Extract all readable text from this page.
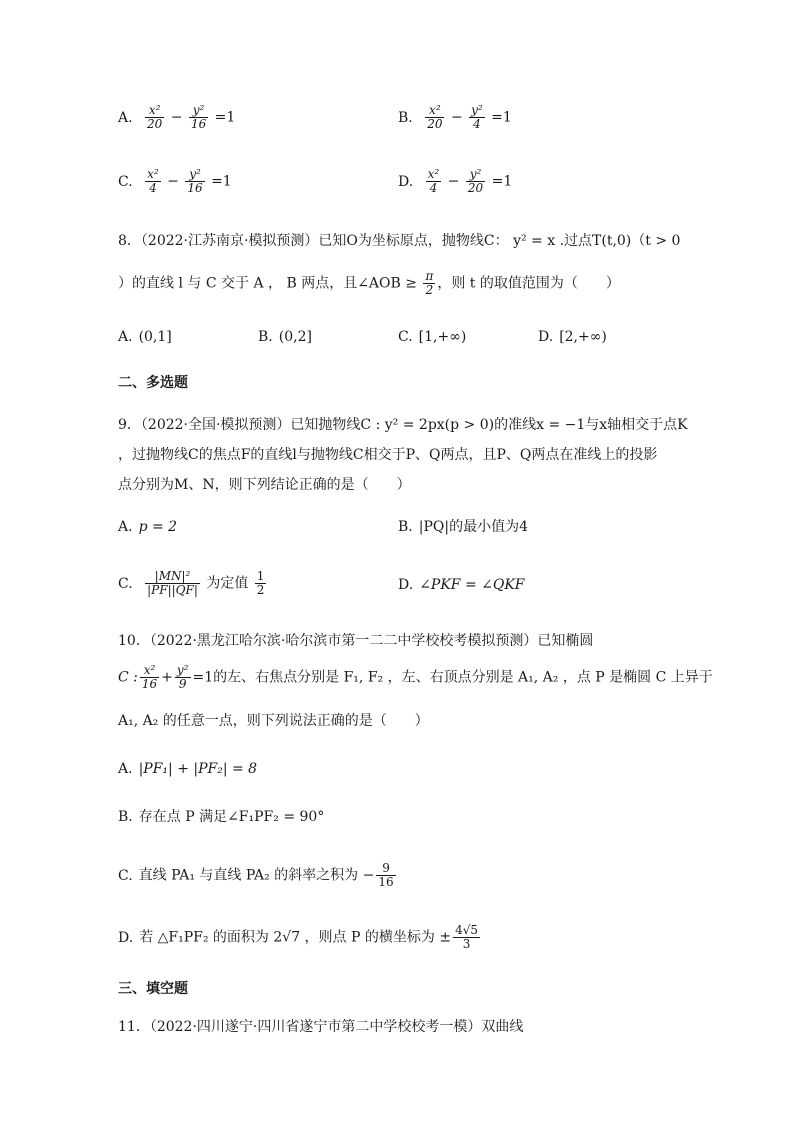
A. $\frac{\text{x²}}{20} - \frac{\text{y²}}{16} =1$	B. $\frac{\text{x²}}{20} - \frac{\text{y²}}{4} =1$
C. $\frac{\text{x²}}{4} - \frac{\text{y²}}{16} =1$	D. $\frac{\text{x²}}{4} - \frac{\text{y²}}{20} =1$
8．（2022·江苏南京·模拟预测）已知O为坐标原点，抛物线C： y² = x .过点T(t,0)（t > 0
）的直线 l 与 C 交于 A ， B 两点，且∠AOB ≥ $\frac{\pi}{2}$ ，则 t 的取值范围为（　　）
A. (0,1]	B. (0,2]	C. [1,+∞)	D. [2,+∞)
二、多选题
9．（2022·全国·模拟预测）已知抛物线C : y² = 2px(p > 0)的准线x = −1与x轴相交于点K
，过抛物线C的焦点F的直线l与抛物线C相交于P、Q两点，且P、Q两点在准线上的投影
点分别为M、N，则下列结论正确的是（　　）
A. p = 2	B. |PQ|的最小值为4
C. $\frac{\text{|MN|²}}{|PF||QF|}$ 为定值 $\frac{1}{2}$	D. ∠PKF = ∠QKF
10．（2022·黑龙江哈尔滨·哈尔滨市第一二二中学校校考模拟预测）已知椭圆
C : $\frac{\text{x²}}{16} + \frac{\text{y²}}{9} =1$的左、右焦点分别是 F₁, F₂ ，左、右顶点分别是 A₁, A₂ ，点 P 是椭圆 C 上异于
A₁, A₂ 的任意一点，则下列说法正确的是（　　）
A. |PF₁| + |PF₂| = 8
B. 存在点 P 满足∠F₁PF₂ = 90°
C. 直线 PA₁ 与直线 PA₂ 的斜率之积为 − $\frac{9}{16}$
D. 若 △F₁PF₂ 的面积为 2√7 ，则点 P 的横坐标为 ± $\frac{4√5}{3}$
三、填空题
11．（2022·四川遂宁·四川省遂宁市第二中学校校考一模）双曲线
